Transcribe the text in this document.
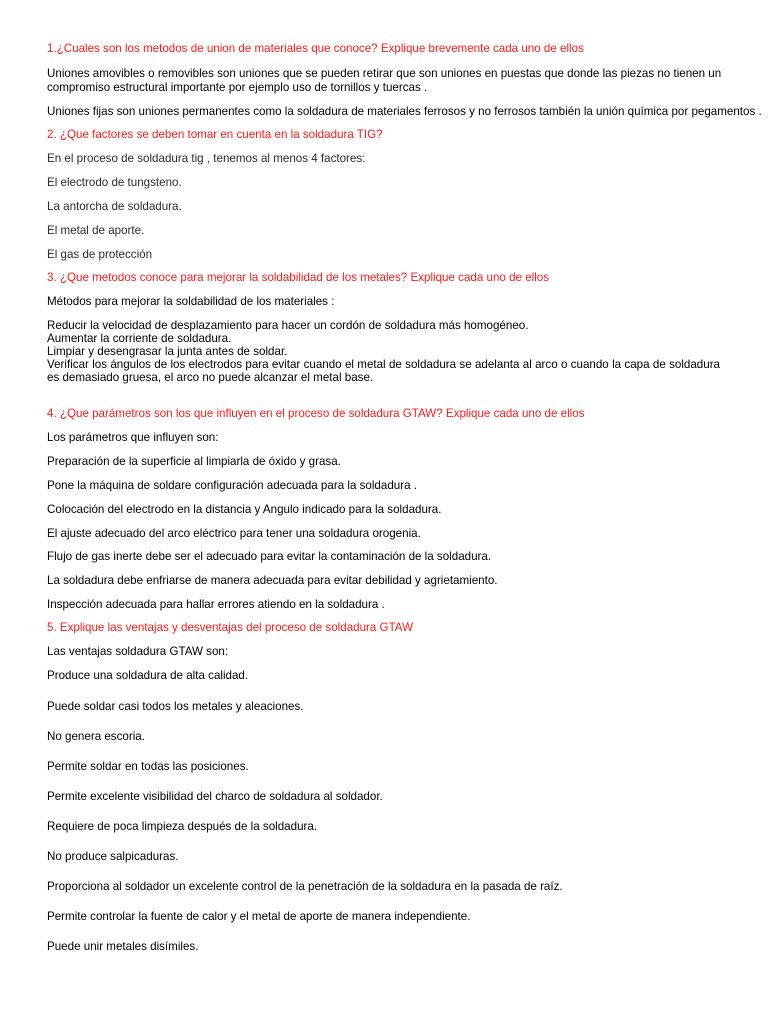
1.¿Cuales son los metodos de union de materiales que conoce? Explique brevemente cada uno de ellos

Uniones amovibles o removibles son uniones que se pueden retirar que son uniones en puestas que donde las piezas no tienen un

compromiso estructural importante por ejemplo uso de tornillos y tuercas .

Uniones fijas son uniones permanentes como la soldadura de materiales ferrosos y no ferrosos también la unión química por pegamentos .

2. ¿Que factores se deben tomar en cuenta en la soldadura TIG?

En el proceso de soldadura tig , tenemos al menos 4 factores:

El electrodo de tungsteno.

La antorcha de soldadura.

El metal de aporte.

El gas de protección

3. ¿Que metodos conoce para mejorar la soldabilidad de los metales? Explique cada uno de ellos

Métodos para mejorar la soldabilidad de los materiales :

Reducir la velocidad de desplazamiento para hacer un cordón de soldadura más homogéneo.

Aumentar la corriente de soldadura.

Limpiar y desengrasar la junta antes de soldar.

Verificar los ángulos de los electrodos para evitar cuando el metal de soldadura se adelanta al arco o cuando la capa de soldadura es demasiado gruesa, el arco no puede alcanzar el metal base.

4. ¿Que parámetros son los que influyen en el proceso de soldadura GTAW? Explique cada uno de ellos

Los parámetros que influyen son:

Preparación de la superficie al limpiarla de óxido y grasa.

Pone la máquina de soldare configuración adecuada para la soldadura .

Colocación del electrodo en la distancia y Angulo indicado para la soldadura.

El ajuste adecuado del arco eléctrico para tener una soldadura orogenia.

Flujo de gas inerte debe ser el adecuado para evitar la contaminación de la soldadura.

La soldadura debe enfriarse de manera adecuada para evitar debilidad y agrietamiento.

Inspección adecuada para hallar errores atiendo en la soldadura .

5. Explique las ventajas y desventajas del proceso de soldadura GTAW

Las ventajas soldadura GTAW son:

Produce una soldadura de alta calidad.

Puede soldar casi todos los metales y aleaciones.

No genera escoria.

Permite soldar en todas las posiciones.

Permite excelente visibilidad del charco de soldadura al soldador.

Requiere de poca limpieza después de la soldadura.

No produce salpicaduras.

Proporciona al soldador un excelente control de la penetración de la soldadura en la pasada de raíz.

Permite controlar la fuente de calor y el metal de aporte de manera independiente.

Puede unir metales disímiles.
